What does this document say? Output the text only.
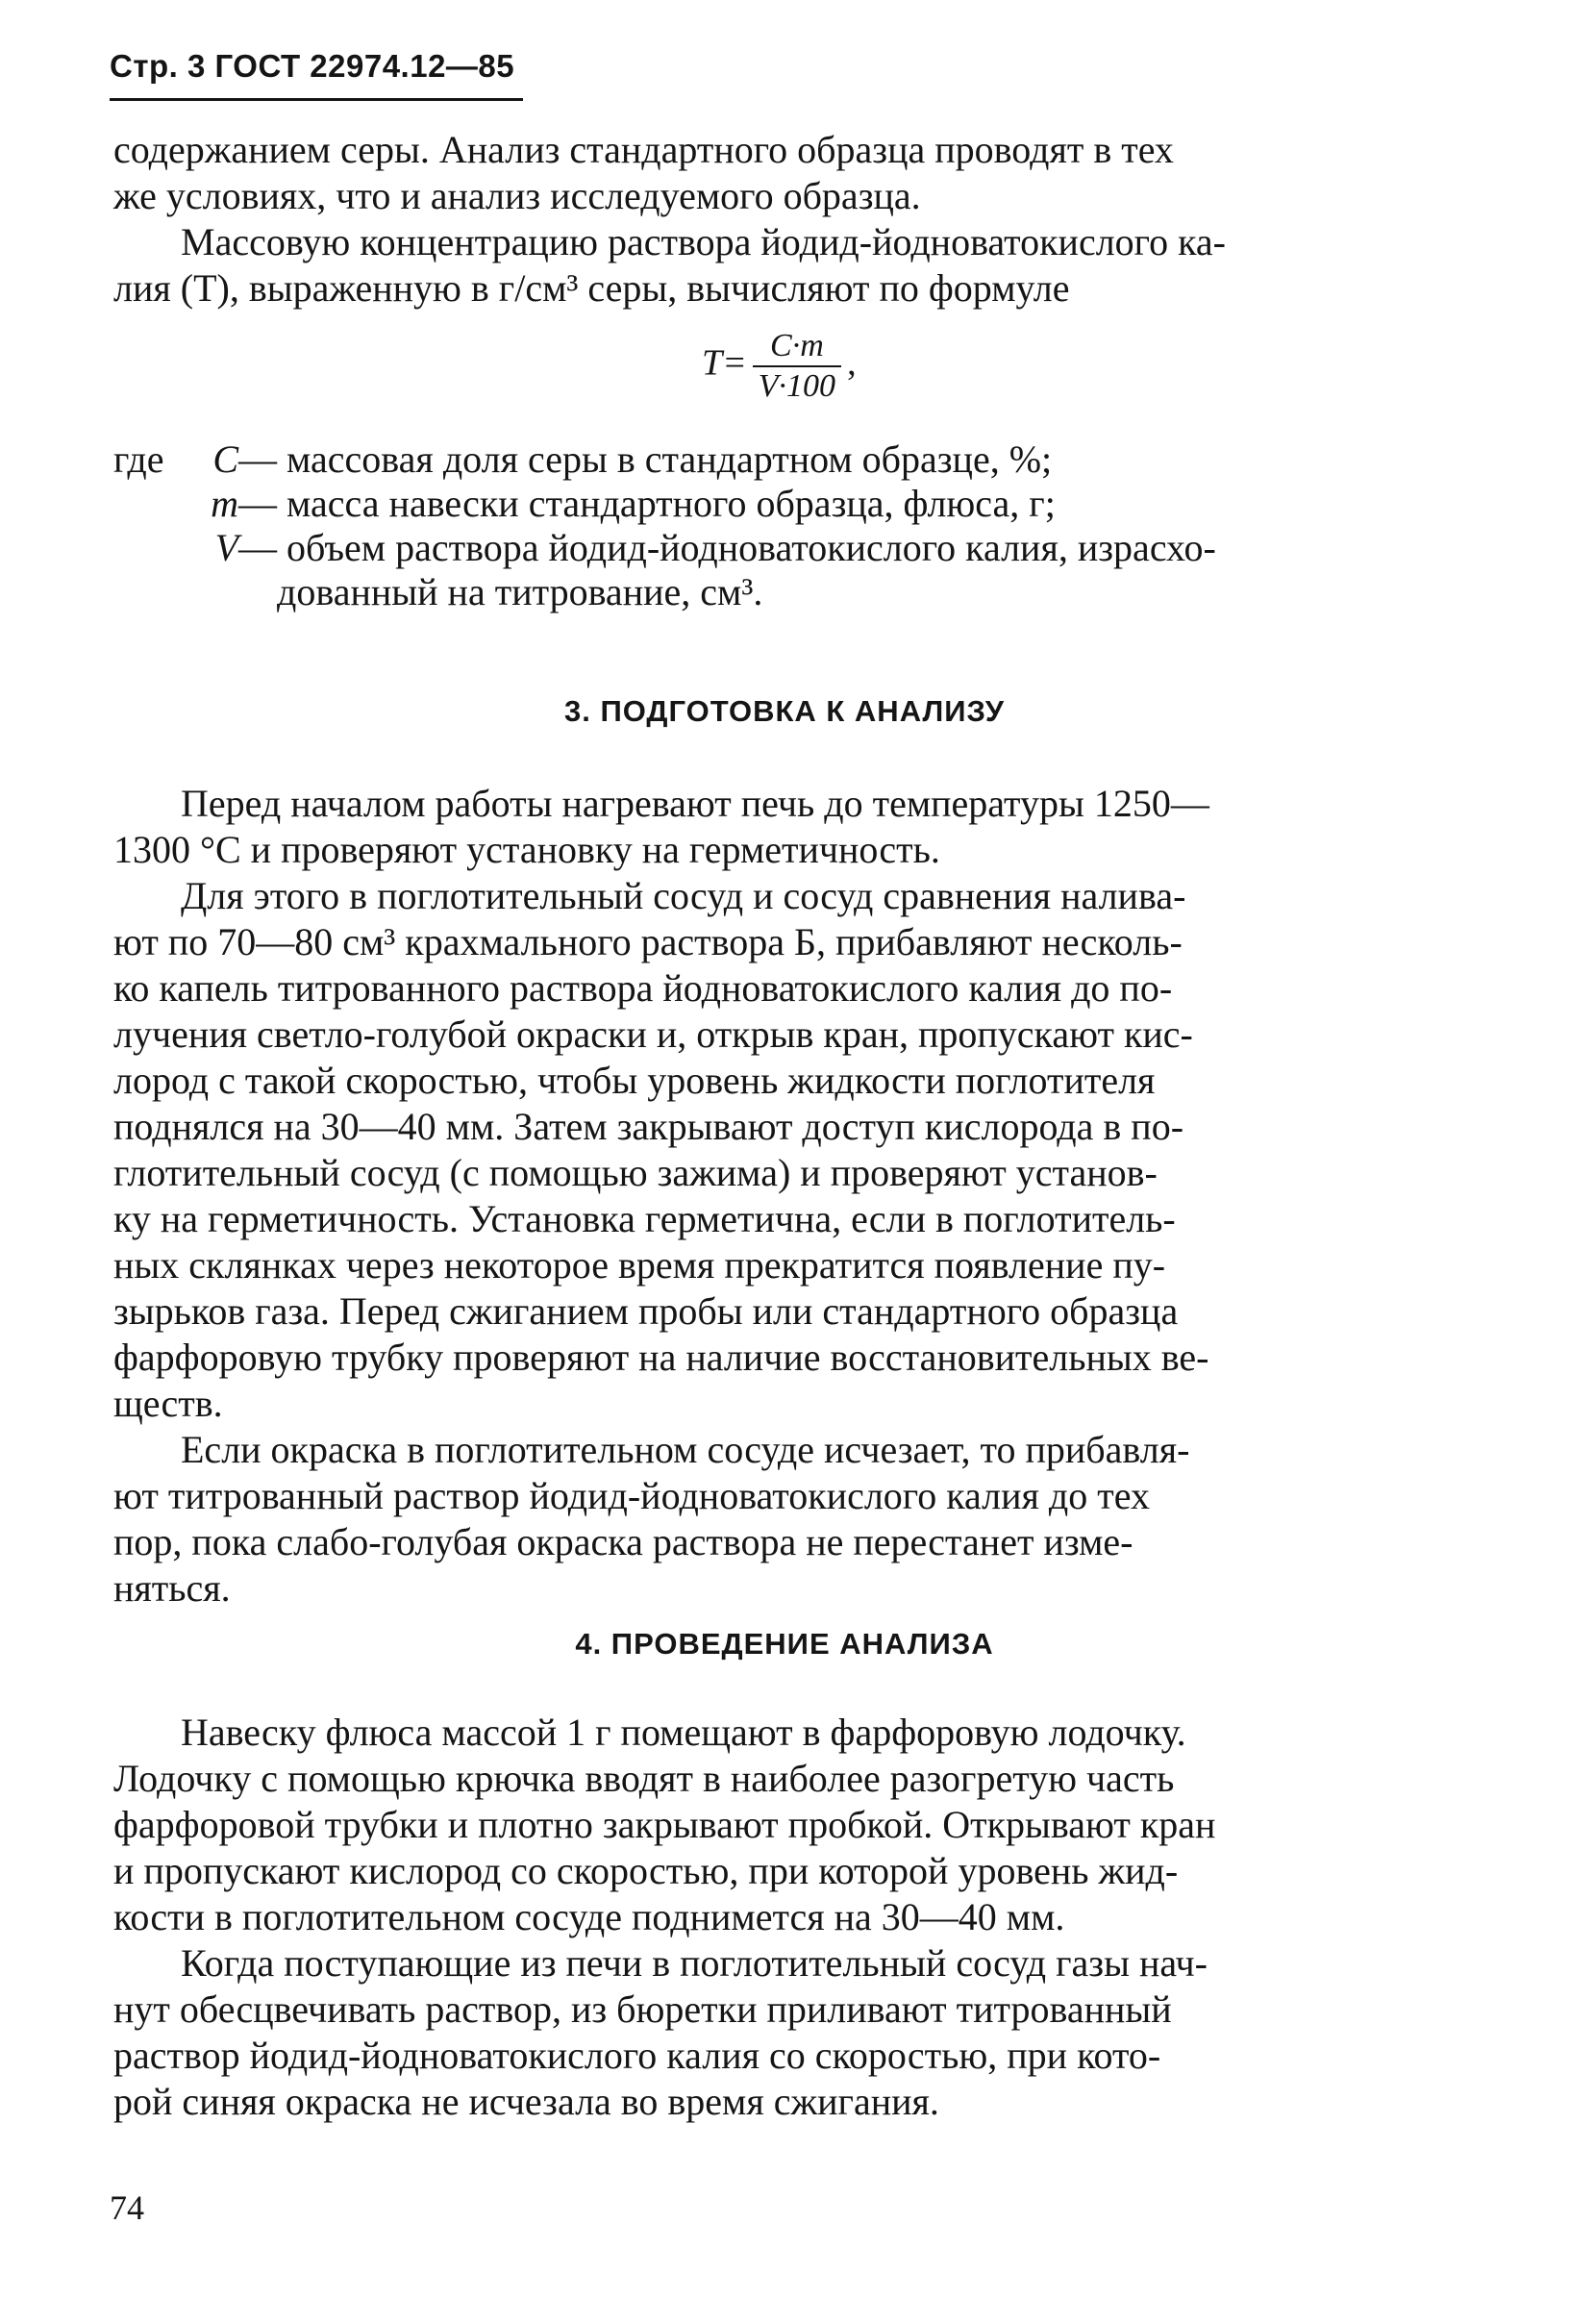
Стр. 3 ГОСТ 22974.12—85
содержанием серы. Анализ стандартного образца проводят в тех
же условиях, что и анализ исследуемого образца.
Массовую концентрацию раствора йодид-йодноватокислого ка-
лия (T), выраженную в г/см³ серы, вычисляют по формуле
$T= \frac{C\cdot m}{V\cdot 100}$ ,
где	C — массовая доля серы в стандартном образце, %;
m — масса навески стандартного образца, флюса, г;
V — объем раствора йодид-йодноватокислого калия, израсхо-
дованный на титрование, см³.
3. ПОДГОТОВКА К АНАЛИЗУ
Перед началом работы нагревают печь до температуры 1250—
1300 °С и проверяют установку на герметичность.
Для этого в поглотительный сосуд и сосуд сравнения налива-
ют по 70—80 см³ крахмального раствора Б, прибавляют несколь-
ко капель титрованного раствора йодноватокислого калия до по-
лучения светло-голубой окраски и, открыв кран, пропускают кис-
лород с такой скоростью, чтобы уровень жидкости поглотителя
поднялся на 30—40 мм. Затем закрывают доступ кислорода в по-
глотительный сосуд (с помощью зажима) и проверяют установ-
ку на герметичность. Установка герметична, если в поглотитель-
ных склянках через некоторое время прекратится появление пу-
зырьков газа. Перед сжиганием пробы или стандартного образца
фарфоровую трубку проверяют на наличие восстановительных ве-
ществ.
Если окраска в поглотительном сосуде исчезает, то прибавля-
ют титрованный раствор йодид-йодноватокислого калия до тех
пор, пока слабо-голубая окраска раствора не перестанет изме-
няться.
4. ПРОВЕДЕНИЕ АНАЛИЗА
Навеску флюса массой 1 г помещают в фарфоровую лодочку.
Лодочку с помощью крючка вводят в наиболее разогретую часть
фарфоровой трубки и плотно закрывают пробкой. Открывают кран
и пропускают кислород со скоростью, при которой уровень жид-
кости в поглотительном сосуде поднимется на 30—40 мм.
Когда поступающие из печи в поглотительный сосуд газы нач-
нут обесцвечивать раствор, из бюретки приливают титрованный
раствор йодид-йодноватокислого калия со скоростью, при кото-
рой синяя окраска не исчезала во время сжигания.
74
